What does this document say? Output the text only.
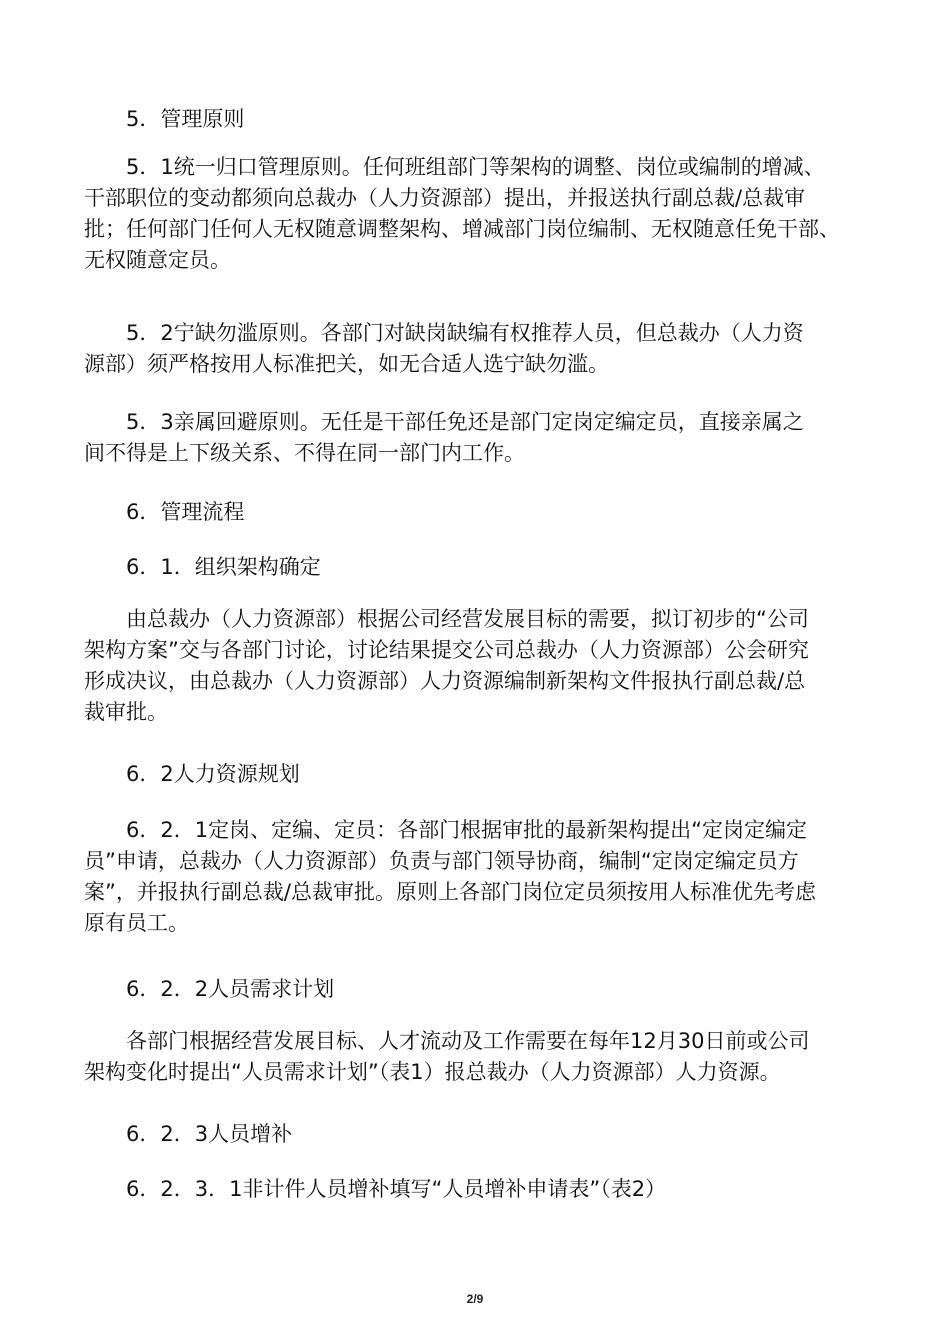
5．管理原则
5．1统一归口管理原则。任何班组部门等架构的调整、岗位或编制的增减、
干部职位的变动都须向总裁办（人力资源部）提出，并报送执行副总裁/总裁审
批；任何部门任何人无权随意调整架构、增减部门岗位编制、无权随意任免干部、
无权随意定员。
5．2宁缺勿滥原则。各部门对缺岗缺编有权推荐人员，但总裁办（人力资
源部）须严格按用人标准把关，如无合适人选宁缺勿滥。
5．3亲属回避原则。无任是干部任免还是部门定岗定编定员，直接亲属之
间不得是上下级关系、不得在同一部门内工作。
6．管理流程
6．1．组织架构确定
由总裁办（人力资源部）根据公司经营发展目标的需要，拟订初步的“公司
架构方案”交与各部门讨论，讨论结果提交公司总裁办（人力资源部）公会研究
形成决议，由总裁办（人力资源部）人力资源编制新架构文件报执行副总裁/总
裁审批。
6．2人力资源规划
6．2．1定岗、定编、定员：各部门根据审批的最新架构提出“定岗定编定
员”申请，总裁办（人力资源部）负责与部门领导协商，编制“定岗定编定员方
案”，并报执行副总裁/总裁审批。原则上各部门岗位定员须按用人标准优先考虑
原有员工。
6．2．2人员需求计划
各部门根据经营发展目标、人才流动及工作需要在每年12月30日前或公司
架构变化时提出“人员需求计划”（表1）报总裁办（人力资源部）人力资源。
6．2．3人员增补
6．2．3．1非计件人员增补填写“人员增补申请表”（表2）
2/9
